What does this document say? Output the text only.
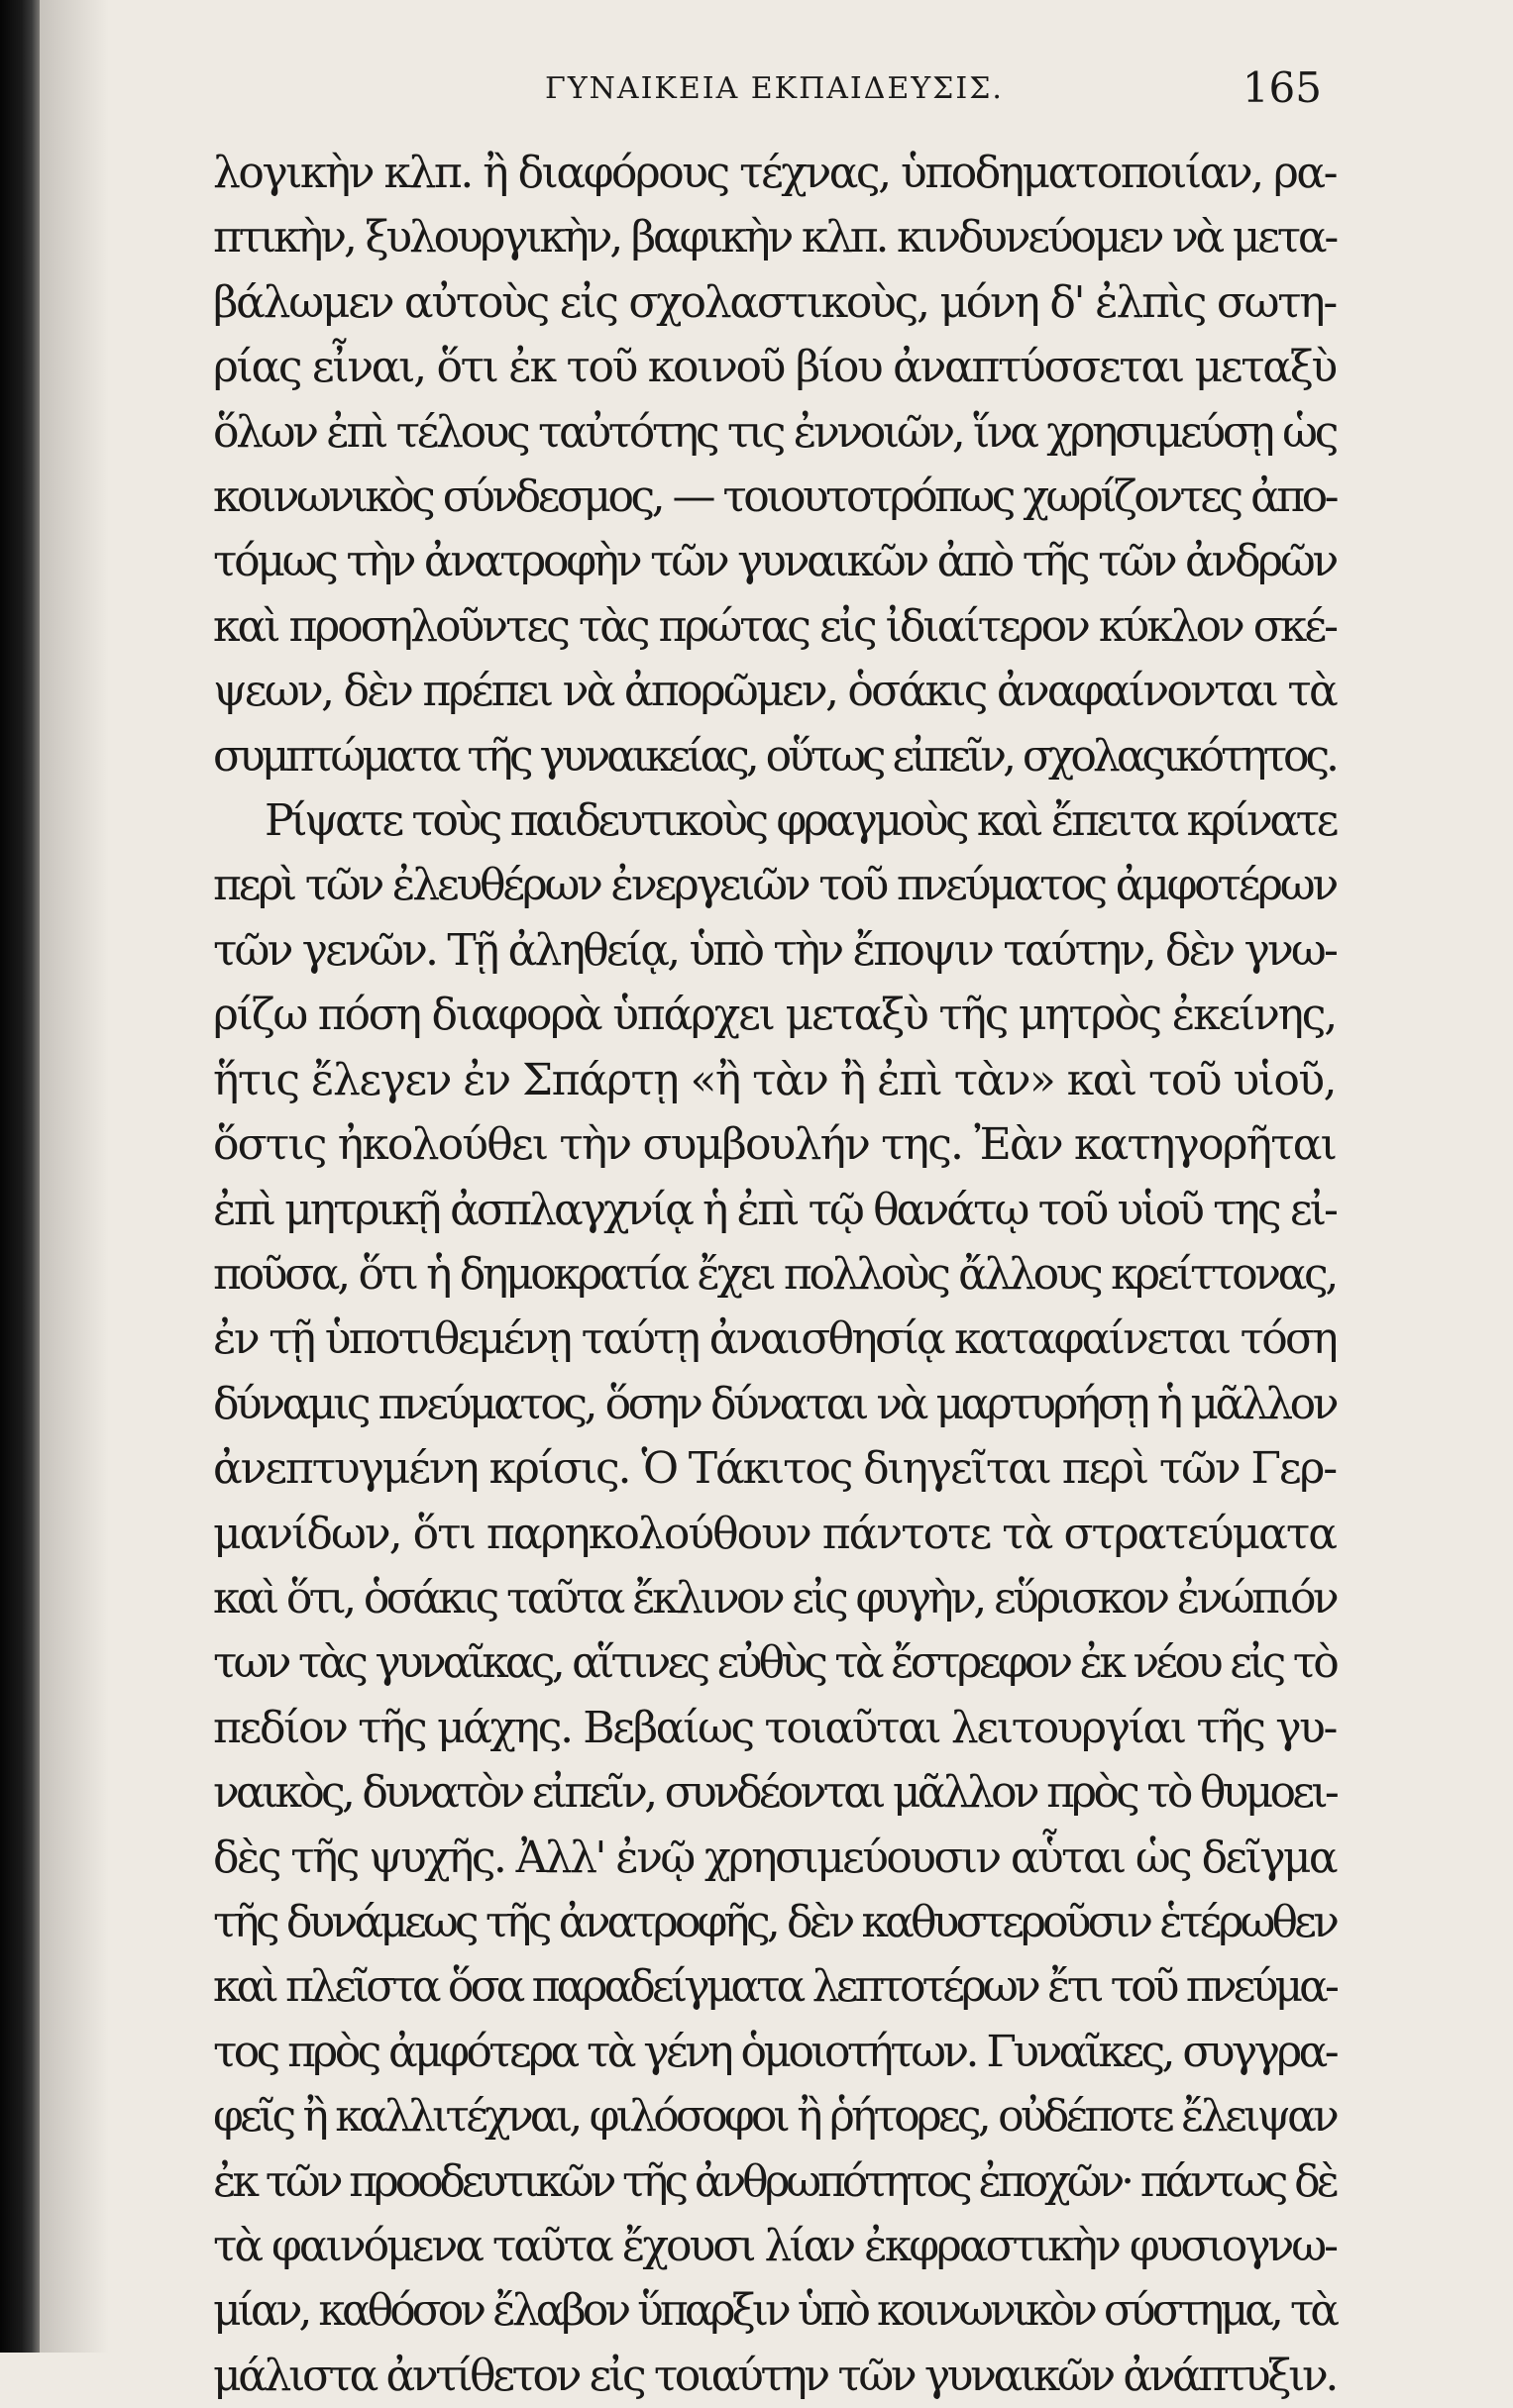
ΓΥΝΑΙΚΕΙΑ ΕΚΠΑΙΔΕΥΣΙΣ.	165

λογικὴν κλπ. ἢ διαφόρους τέχνας, ὑποδηματοποιίαν, ρα-

πτικὴν, ξυλουργικὴν, βαφικὴν κλπ. κινδυνεύομεν νὰ μετα-

βάλωμεν αὐτοὺς εἰς σχολαστικοὺς, μόνη δ' ἐλπὶς σωτη-

ρίας εἶναι, ὅτι ἐκ τοῦ κοινοῦ βίου ἀναπτύσσεται μεταξὺ

ὅλων ἐπὶ τέλους ταὐτότης τις ἐννοιῶν, ἵνα χρησιμεύσῃ ὡς

κοινωνικὸς σύνδεσμος, — τοιουτοτρόπως χωρίζοντες ἀπο-

τόμως τὴν ἀνατροφὴν τῶν γυναικῶν ἀπὸ τῆς τῶν ἀνδρῶν

καὶ προσηλοῦντες τὰς πρώτας εἰς ἰδιαίτερον κύκλον σκέ-

ψεων, δὲν πρέπει νὰ ἀπορῶμεν, ὁσάκις ἀναφαίνονται τὰ

συμπτώματα τῆς γυναικείας, οὕτως εἰπεῖν, σχολαςικότητος.

Ρίψατε τοὺς παιδευτικοὺς φραγμοὺς καὶ ἔπειτα κρίνατε

περὶ τῶν ἐλευθέρων ἐνεργειῶν τοῦ πνεύματος ἀμφοτέρων

τῶν γενῶν. Τῇ ἀληθείᾳ, ὑπὸ τὴν ἔποψιν ταύτην, δὲν γνω-

ρίζω πόση διαφορὰ ὑπάρχει μεταξὺ τῆς μητρὸς ἐκείνης,

ἥτις ἔλεγεν ἐν Σπάρτῃ «ἢ τὰν ἢ ἐπὶ τὰν» καὶ τοῦ υἱοῦ,

ὅστις ἠκολούθει τὴν συμβουλήν της. Ἐὰν κατηγορῆται

ἐπὶ μητρικῇ ἀσπλαγχνίᾳ ἡ ἐπὶ τῷ θανάτῳ τοῦ υἱοῦ της εἰ-

ποῦσα, ὅτι ἡ δημοκρατία ἔχει πολλοὺς ἄλλους κρείττονας,

ἐν τῇ ὑποτιθεμένῃ ταύτῃ ἀναισθησίᾳ καταφαίνεται τόση

δύναμις πνεύματος, ὅσην δύναται νὰ μαρτυρήσῃ ἡ μᾶλλον

ἀνεπτυγμένη κρίσις. Ὁ Τάκιτος διηγεῖται περὶ τῶν Γερ-

μανίδων, ὅτι παρηκολούθουν πάντοτε τὰ στρατεύματα

καὶ ὅτι, ὁσάκις ταῦτα ἔκλινον εἰς φυγὴν, εὕρισκον ἐνώπιόν

των τὰς γυναῖκας, αἵτινες εὐθὺς τὰ ἔστρεφον ἐκ νέου εἰς τὸ

πεδίον τῆς μάχης. Βεβαίως τοιαῦται λειτουργίαι τῆς γυ-

ναικὸς, δυνατὸν εἰπεῖν, συνδέονται μᾶλλον πρὸς τὸ θυμοει-

δὲς τῆς ψυχῆς. Ἀλλ' ἐνῷ χρησιμεύουσιν αὗται ὡς δεῖγμα

τῆς δυνάμεως τῆς ἀνατροφῆς, δὲν καθυστεροῦσιν ἑτέρωθεν

καὶ πλεῖστα ὅσα παραδείγματα λεπτοτέρων ἔτι τοῦ πνεύμα-

τος πρὸς ἀμφότερα τὰ γένη ὁμοιοτήτων. Γυναῖκες, συγγρα-

φεῖς ἢ καλλιτέχναι, φιλόσοφοι ἢ ῥήτορες, οὐδέποτε ἔλειψαν

ἐκ τῶν προοδευτικῶν τῆς ἀνθρωπότητος ἐποχῶν· πάντως δὲ

τὰ φαινόμενα ταῦτα ἔχουσι λίαν ἐκφραστικὴν φυσιογνω-

μίαν, καθόσον ἔλαβον ὕπαρξιν ὑπὸ κοινωνικὸν σύστημα, τὰ

μάλιστα ἀντίθετον εἰς τοιαύτην τῶν γυναικῶν ἀνάπτυξιν.
